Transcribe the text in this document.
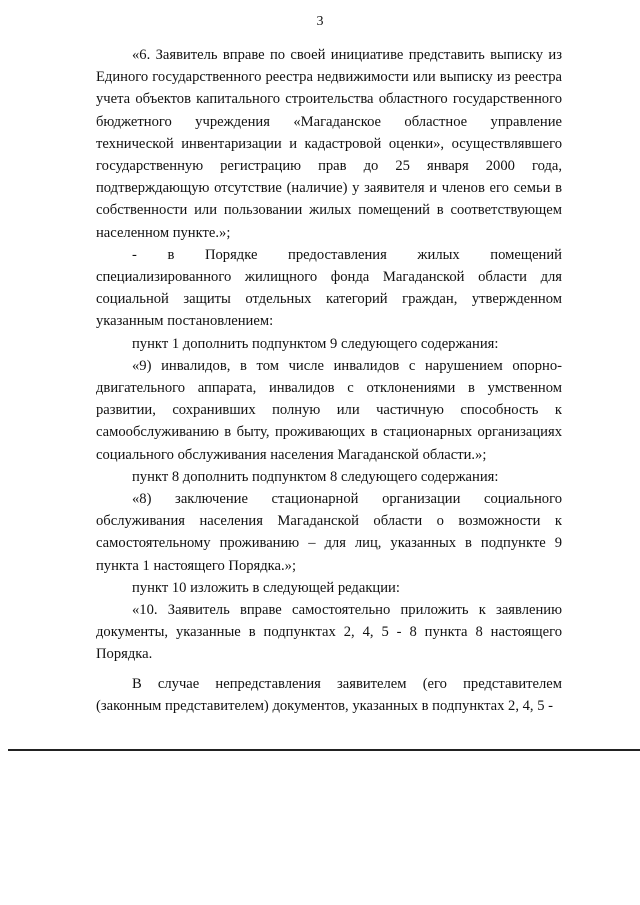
3

«6. Заявитель вправе по своей инициативе представить выписку из Единого государственного реестра недвижимости или выписку из реестра учета объектов капитального строительства областного государственного бюджетного учреждения «Магаданское областное управление технической инвентаризации и кадастровой оценки», осуществлявшего государственную регистрацию прав до 25 января 2000 года, подтверждающую отсутствие (наличие) у заявителя и членов его семьи в собственности или пользовании жилых помещений в соответствующем населенном пункте.»;

- в Порядке предоставления жилых помещений специализированного жилищного фонда Магаданской области для социальной защиты отдельных категорий граждан, утвержденном указанным постановлением:

пункт 1 дополнить подпунктом 9 следующего содержания:

«9) инвалидов, в том числе инвалидов с нарушением опорно-двигательного аппарата, инвалидов с отклонениями в умственном развитии, сохранивших полную или частичную способность к самообслуживанию в быту, проживающих в стационарных организациях социального обслуживания населения Магаданской области.»;

пункт 8 дополнить подпунктом 8 следующего содержания:

«8) заключение стационарной организации социального обслуживания населения Магаданской области о возможности к самостоятельному проживанию – для лиц, указанных в подпункте 9 пункта 1 настоящего Порядка.»;

пункт 10 изложить в следующей редакции:

«10. Заявитель вправе самостоятельно приложить к заявлению документы, указанные в подпунктах 2, 4, 5 - 8 пункта 8 настоящего Порядка.

В случае непредставления заявителем (его представителем (законным представителем) документов, указанных в подпунктах 2, 4, 5 -
